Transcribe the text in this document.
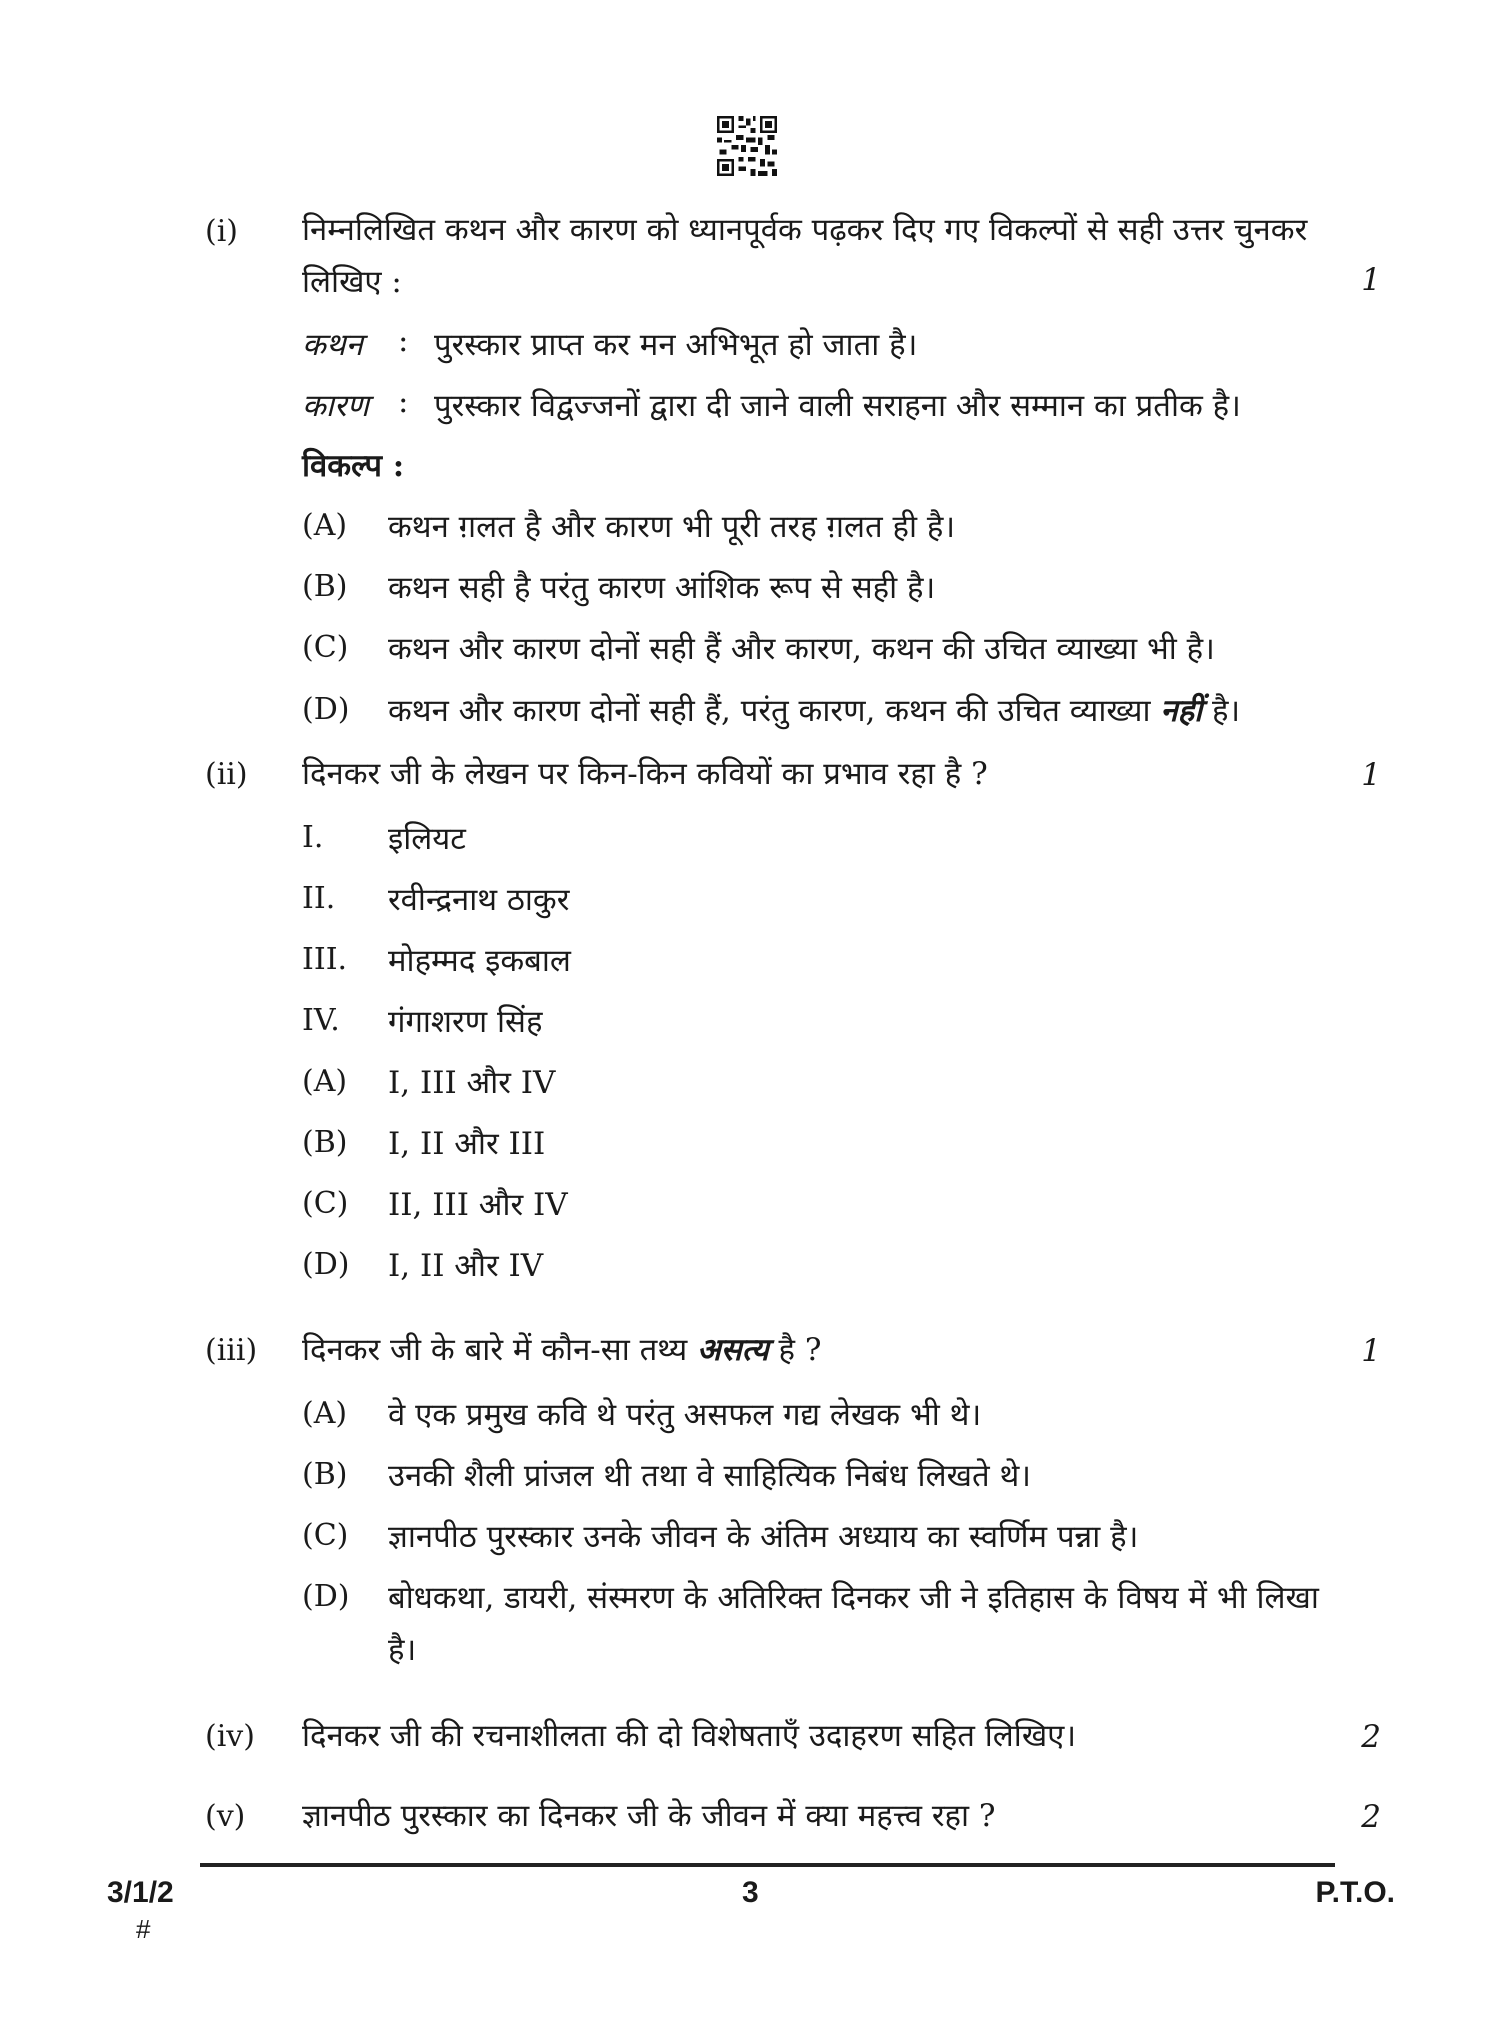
(i) निम्नलिखित कथन और कारण को ध्यानपूर्वक पढ़कर दिए गए विकल्पों से सही उत्तर चुनकर
लिखिए :	1
कथन : पुरस्कार प्राप्त कर मन अभिभूत हो जाता है।
कारण : पुरस्कार विद्वज्जनों द्वारा दी जाने वाली सराहना और सम्मान का प्रतीक है।
विकल्प :
(A) कथन ग़लत है और कारण भी पूरी तरह ग़लत ही है।
(B) कथन सही है परंतु कारण आंशिक रूप से सही है।
(C) कथन और कारण दोनों सही हैं और कारण, कथन की उचित व्याख्या भी है।
(D) कथन और कारण दोनों सही हैं, परंतु कारण, कथन की उचित व्याख्या नहीं है।
(ii) दिनकर जी के लेखन पर किन-किन कवियों का प्रभाव रहा है ?	1
I. इलियट
II. रवीन्द्रनाथ ठाकुर
III. मोहम्मद इकबाल
IV. गंगाशरण सिंह
(A) I, III और IV
(B) I, II और III
(C) II, III और IV
(D) I, II और IV
(iii) दिनकर जी के बारे में कौन-सा तथ्य असत्य है ?	1
(A) वे एक प्रमुख कवि थे परंतु असफल गद्य लेखक भी थे।
(B) उनकी शैली प्रांजल थी तथा वे साहित्यिक निबंध लिखते थे।
(C) ज्ञानपीठ पुरस्कार उनके जीवन के अंतिम अध्याय का स्वर्णिम पन्ना है।
(D) बोधकथा, डायरी, संस्मरण के अतिरिक्त दिनकर जी ने इतिहास के विषय में भी लिखा
है।
(iv) दिनकर जी की रचनाशीलता की दो विशेषताएँ उदाहरण सहित लिखिए।	2
(v) ज्ञानपीठ पुरस्कार का दिनकर जी के जीवन में क्या महत्त्व रहा ?	2
3/1/2
#
3	P.T.O.
